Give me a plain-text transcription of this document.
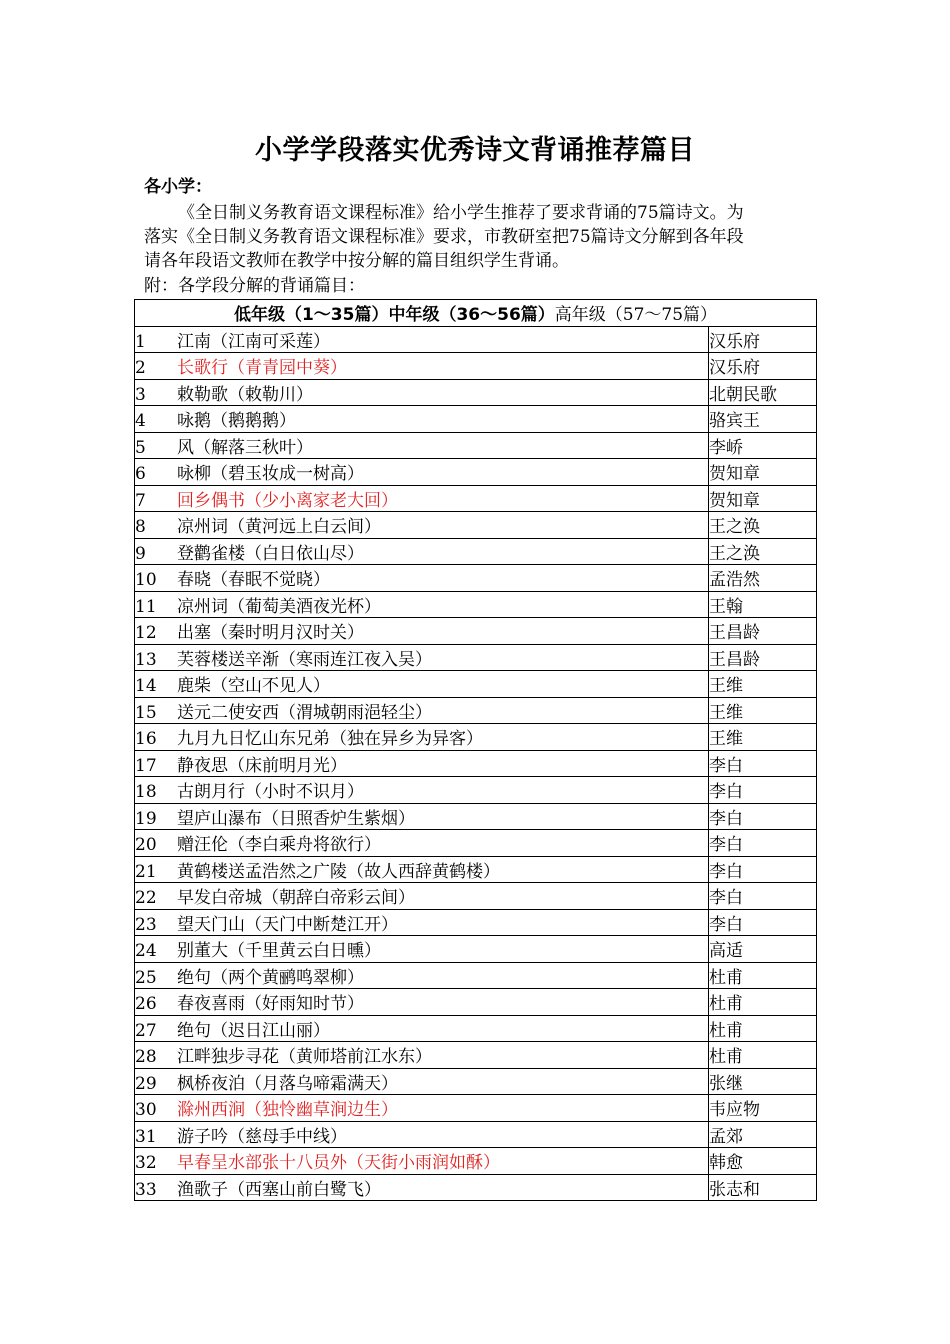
小学学段落实优秀诗文背诵推荐篇目
各小学：
《全日制义务教育语文课程标准》给小学生推荐了要求背诵的75篇诗文。为
落实《全日制义务教育语文课程标准》要求，市教研室把75篇诗文分解到各年段
请各年段语文教师在教学中按分解的篇目组织学生背诵。
附：各学段分解的背诵篇目：
低年级（1～35篇）中年级（36～56篇）高年级（57～75篇）	
1 江南（江南可采莲）	汉乐府
2 长歌行（青青园中葵）	汉乐府
3 敕勒歌（敕勒川）	北朝民歌
4 咏鹅（鹅鹅鹅）	骆宾王
5 风（解落三秋叶）	李峤
6 咏柳（碧玉妆成一树高）	贺知章
7 回乡偶书（少小离家老大回）	贺知章
8 凉州词（黄河远上白云间）	王之涣
9 登鹳雀楼（白日依山尽）	王之涣
10 春晓（春眠不觉晓）	孟浩然
11 凉州词（葡萄美酒夜光杯）	王翰
12 出塞（秦时明月汉时关）	王昌龄
13 芙蓉楼送辛渐（寒雨连江夜入吴）	王昌龄
14 鹿柴（空山不见人）	王维
15 送元二使安西（渭城朝雨浥轻尘）	王维
16 九月九日忆山东兄弟（独在异乡为异客）	王维
17 静夜思（床前明月光）	李白
18 古朗月行（小时不识月）	李白
19 望庐山瀑布（日照香炉生紫烟）	李白
20 赠汪伦（李白乘舟将欲行）	李白
21 黄鹤楼送孟浩然之广陵（故人西辞黄鹤楼）	李白
22 早发白帝城（朝辞白帝彩云间）	李白
23 望天门山（天门中断楚江开）	李白
24 别董大（千里黄云白日曛）	高适
25 绝句（两个黄鹂鸣翠柳）	杜甫
26 春夜喜雨（好雨知时节）	杜甫
27 绝句（迟日江山丽）	杜甫
28 江畔独步寻花（黄师塔前江水东）	杜甫
29 枫桥夜泊（月落乌啼霜满天）	张继
30 滁州西涧（独怜幽草涧边生）	韦应物
31 游子吟（慈母手中线）	孟郊
32 早春呈水部张十八员外（天街小雨润如酥）	韩愈
33 渔歌子（西塞山前白鹭飞）	张志和
